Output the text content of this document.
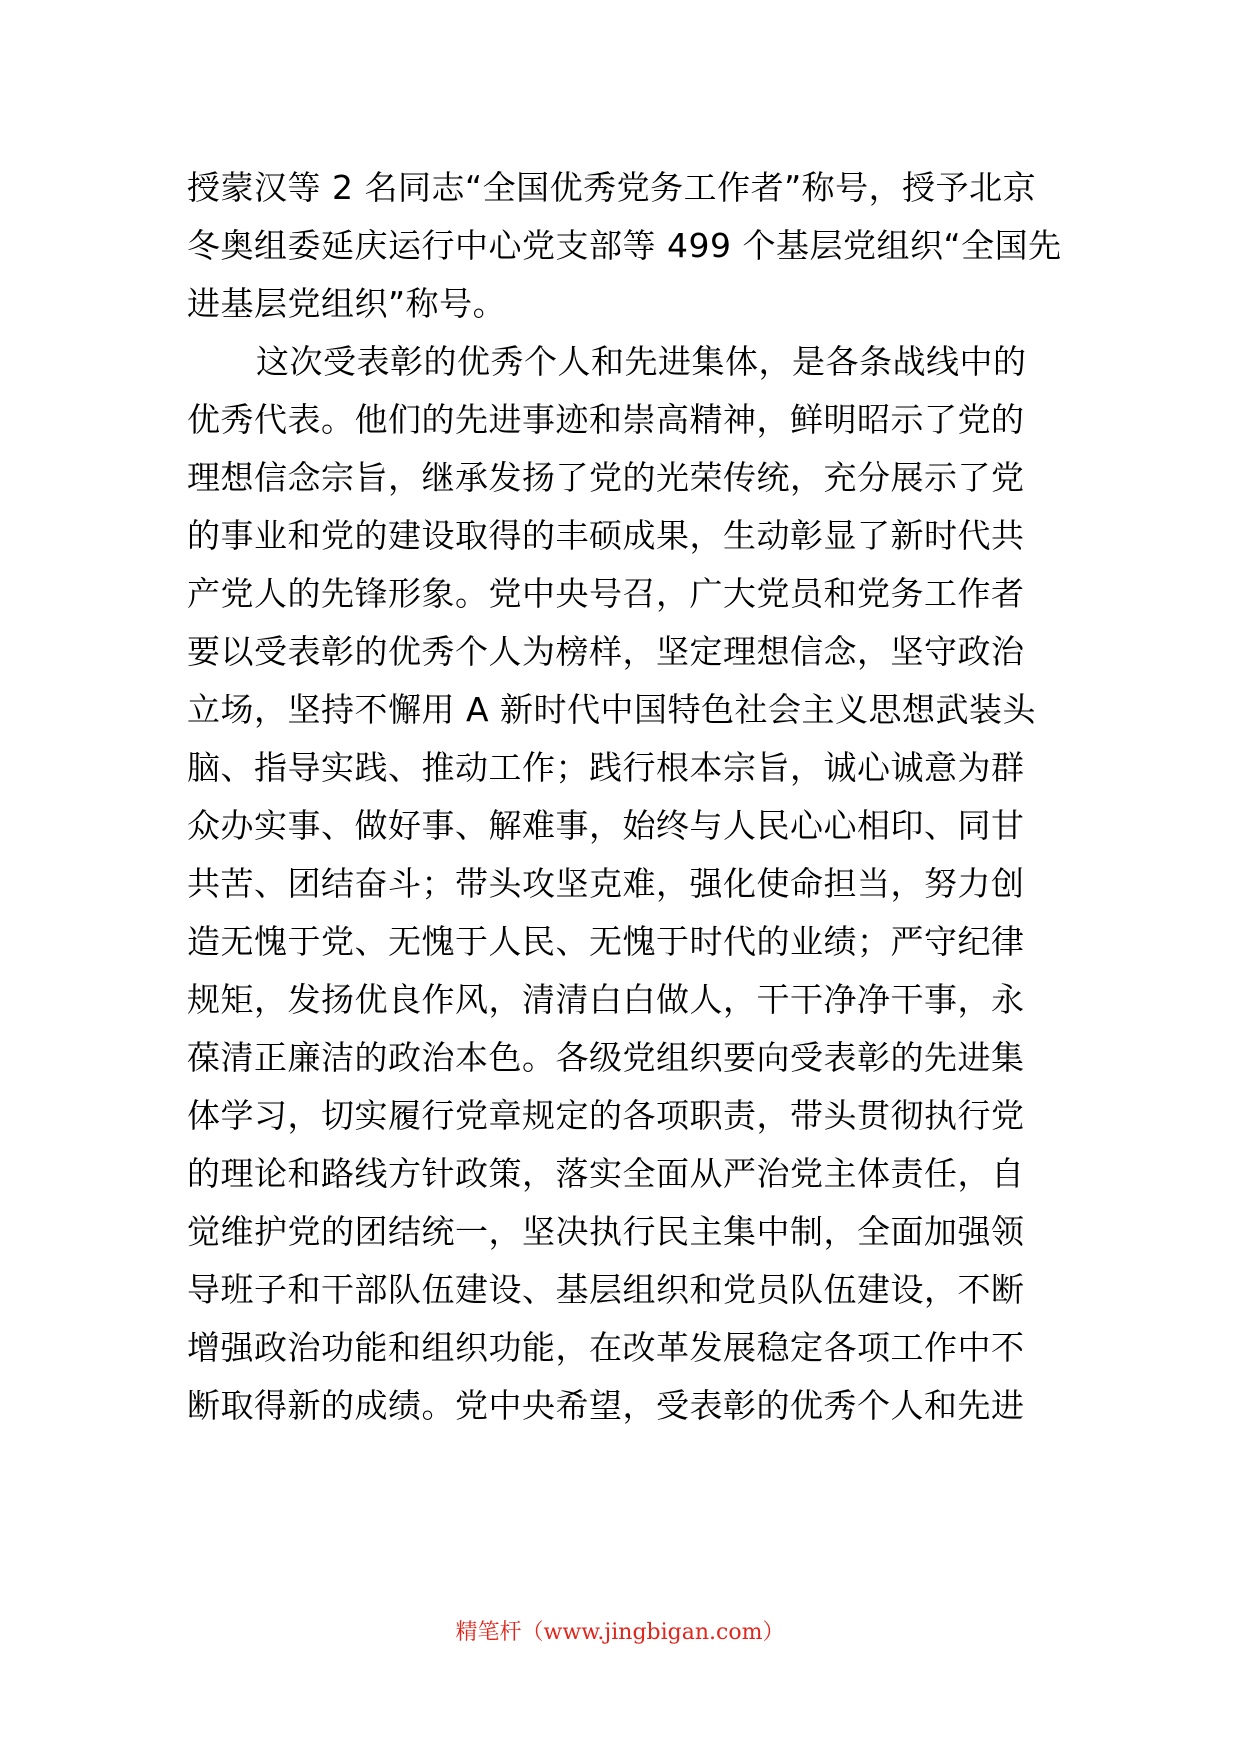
授蒙汉等 2 名同志“全国优秀党务工作者”称号，授予北京
冬奥组委延庆运行中心党支部等 499 个基层党组织“全国先
进基层党组织”称号。
这次受表彰的优秀个人和先进集体，是各条战线中的
优秀代表。他们的先进事迹和崇高精神，鲜明昭示了党的
理想信念宗旨，继承发扬了党的光荣传统，充分展示了党
的事业和党的建设取得的丰硕成果，生动彰显了新时代共
产党人的先锋形象。党中央号召，广大党员和党务工作者
要以受表彰的优秀个人为榜样，坚定理想信念，坚守政治
立场，坚持不懈用 A 新时代中国特色社会主义思想武装头
脑、指导实践、推动工作；践行根本宗旨，诚心诚意为群
众办实事、做好事、解难事，始终与人民心心相印、同甘
共苦、团结奋斗；带头攻坚克难，强化使命担当，努力创
造无愧于党、无愧于人民、无愧于时代的业绩；严守纪律
规矩，发扬优良作风，清清白白做人，干干净净干事，永
葆清正廉洁的政治本色。各级党组织要向受表彰的先进集
体学习，切实履行党章规定的各项职责，带头贯彻执行党
的理论和路线方针政策，落实全面从严治党主体责任，自
觉维护党的团结统一，坚决执行民主集中制，全面加强领
导班子和干部队伍建设、基层组织和党员队伍建设，不断
增强政治功能和组织功能，在改革发展稳定各项工作中不
断取得新的成绩。党中央希望，受表彰的优秀个人和先进
精笔杆（www.jingbigan.com）
